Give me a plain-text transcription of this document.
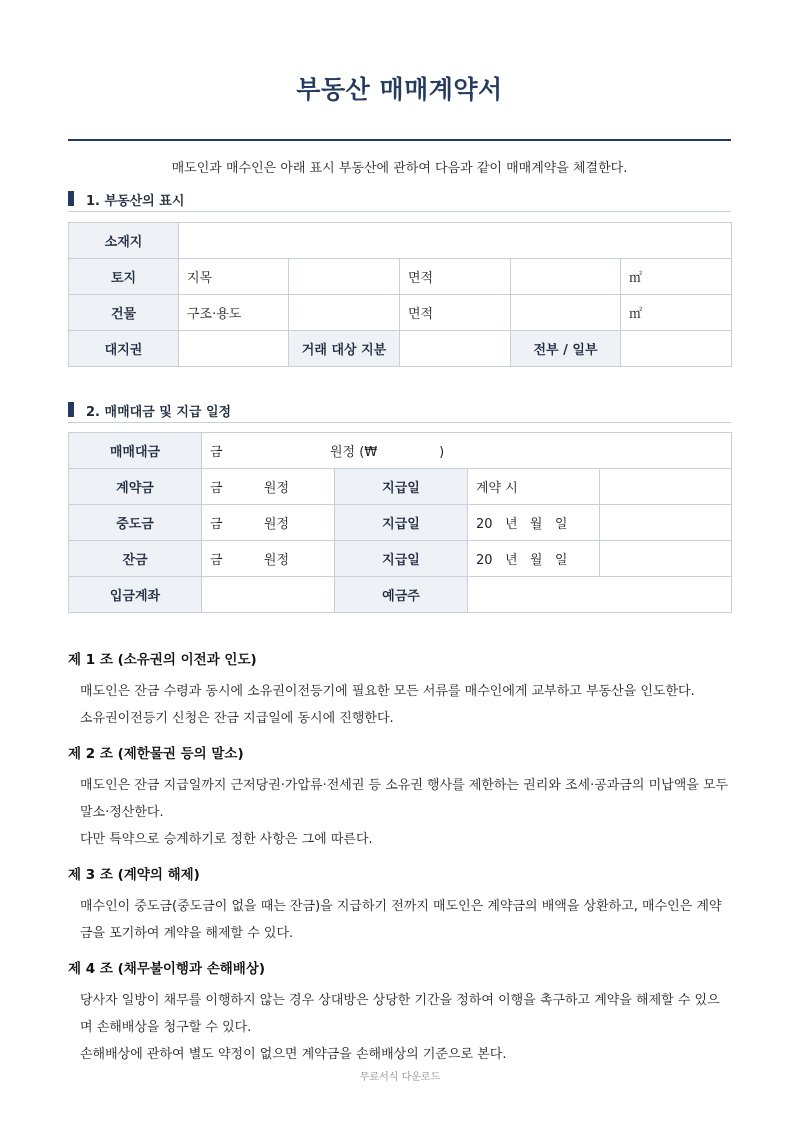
부동산 매매계약서
매도인과 매수인은 아래 표시 부동산에 관하여 다음과 같이 매매계약을 체결한다.
1. 부동산의 표시
소재지					
토지	지목		면적		㎡
건물	구조·용도		면적		㎡
대지권		거래 대상 지분		전부 / 일부	
2. 매매대금 및 지급 일정
매매대금	금                          원정 (₩               )			
계약금	금          원정	지급일	계약 시	
중도금	금          원정	지급일	20   년   월   일	
잔금	금          원정	지급일	20   년   월   일	
입금계좌		예금주		
제 1 조 (소유권의 이전과 인도)

매도인은 잔금 수령과 동시에 소유권이전등기에 필요한 모든 서류를 매수인에게 교부하고 부동산을 인도한다.

소유권이전등기 신청은 잔금 지급일에 동시에 진행한다.

제 2 조 (제한물권 등의 말소)

매도인은 잔금 지급일까지 근저당권·가압류·전세권 등 소유권 행사를 제한하는 권리와 조세·공과금의 미납액을 모두 말소·정산한다.

다만 특약으로 승계하기로 정한 사항은 그에 따른다.

제 3 조 (계약의 해제)

매수인이 중도금(중도금이 없을 때는 잔금)을 지급하기 전까지 매도인은 계약금의 배액을 상환하고, 매수인은 계약금을 포기하여 계약을 해제할 수 있다.

제 4 조 (채무불이행과 손해배상)

당사자 일방이 채무를 이행하지 않는 경우 상대방은 상당한 기간을 정하여 이행을 촉구하고 계약을 해제할 수 있으며 손해배상을 청구할 수 있다.

손해배상에 관하여 별도 약정이 없으면 계약금을 손해배상의 기준으로 본다.

무료서식 다운로드
